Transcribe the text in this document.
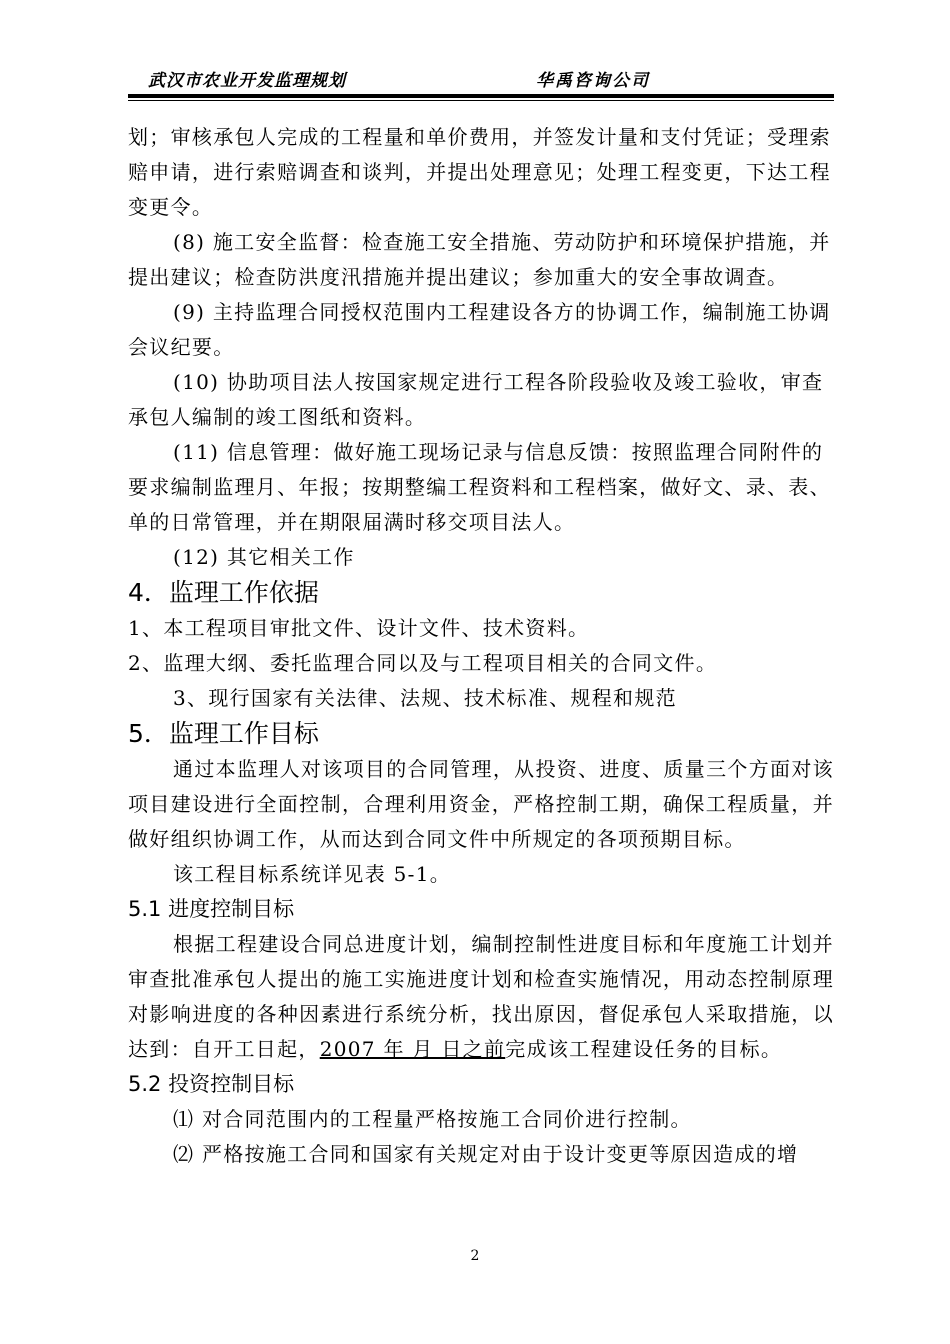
武汉市农业开发监理规划	华禹咨询公司

划；审核承包人完成的工程量和单价费用，并签发计量和支付凭证；受理索赔申请，进行索赔调查和谈判，并提出处理意见；处理工程变更，下达工程变更令。

(8) 施工安全监督：检查施工安全措施、劳动防护和环境保护措施，并提出建议；检查防洪度汛措施并提出建议；参加重大的安全事故调查。

(9) 主持监理合同授权范围内工程建设各方的协调工作，编制施工协调会议纪要。

(10) 协助项目法人按国家规定进行工程各阶段验收及竣工验收，审查承包人编制的竣工图纸和资料。

(11) 信息管理：做好施工现场记录与信息反馈：按照监理合同附件的要求编制监理月、年报；按期整编工程资料和工程档案，做好文、录、表、单的日常管理，并在期限届满时移交项目法人。

(12) 其它相关工作

4．监理工作依据

1、本工程项目审批文件、设计文件、技术资料。

2、监理大纲、委托监理合同以及与工程项目相关的合同文件。

3、现行国家有关法律、法规、技术标准、规程和规范

5．监理工作目标

通过本监理人对该项目的合同管理，从投资、进度、质量三个方面对该项目建设进行全面控制，合理利用资金，严格控制工期，确保工程质量，并做好组织协调工作，从而达到合同文件中所规定的各项预期目标。

该工程目标系统详见表 5-1。

5.1 进度控制目标

根据工程建设合同总进度计划，编制控制性进度目标和年度施工计划并审查批准承包人提出的施工实施进度计划和检查实施情况，用动态控制原理对影响进度的各种因素进行系统分析，找出原因，督促承包人采取措施，以达到：自开工日起，2007 年 月 日之前完成该工程建设任务的目标。

5.2 投资控制目标

⑴ 对合同范围内的工程量严格按施工合同价进行控制。

⑵ 严格按施工合同和国家有关规定对由于设计变更等原因造成的增

2
